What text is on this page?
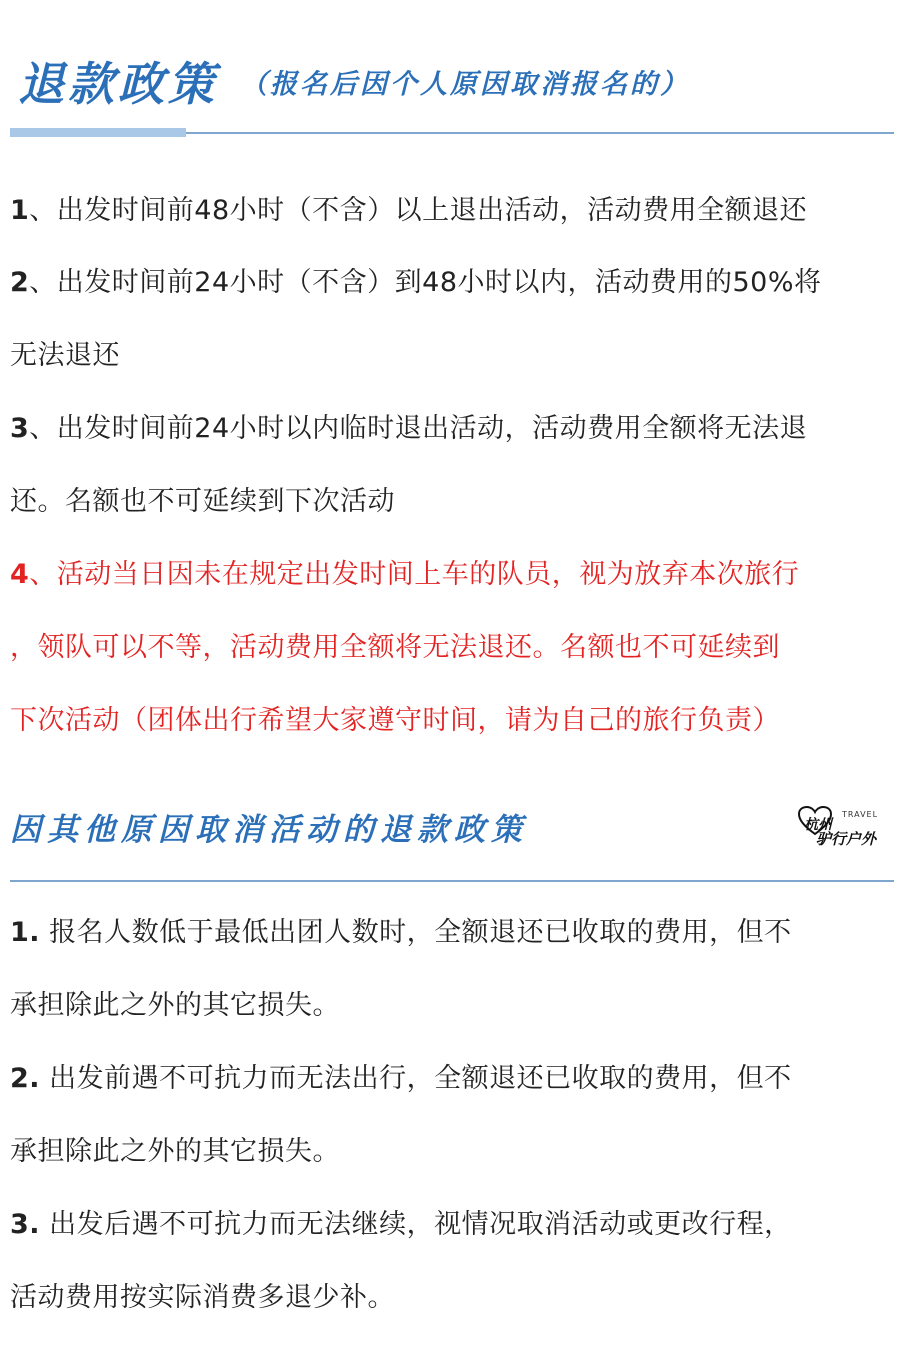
退款政策 （报名后因个人原因取消报名的）
1、出发时间前48小时（不含）以上退出活动，活动费用全额退还
2、出发时间前24小时（不含）到48小时以内，活动费用的50%将
无法退还
3、出发时间前24小时以内临时退出活动，活动费用全额将无法退
还。名额也不可延续到下次活动
4、活动当日因未在规定出发时间上车的队员，视为放弃本次旅行
，领队可以不等，活动费用全额将无法退还。名额也不可延续到
下次活动（团体出行希望大家遵守时间，请为自己的旅行负责）
因其他原因取消活动的退款政策	杭州
TRAVEL
驴行户外
1. 报名人数低于最低出团人数时，全额退还已收取的费用，但不
承担除此之外的其它损失。
2. 出发前遇不可抗力而无法出行，全额退还已收取的费用，但不
承担除此之外的其它损失。
3. 出发后遇不可抗力而无法继续，视情况取消活动或更改行程，
活动费用按实际消费多退少补。
